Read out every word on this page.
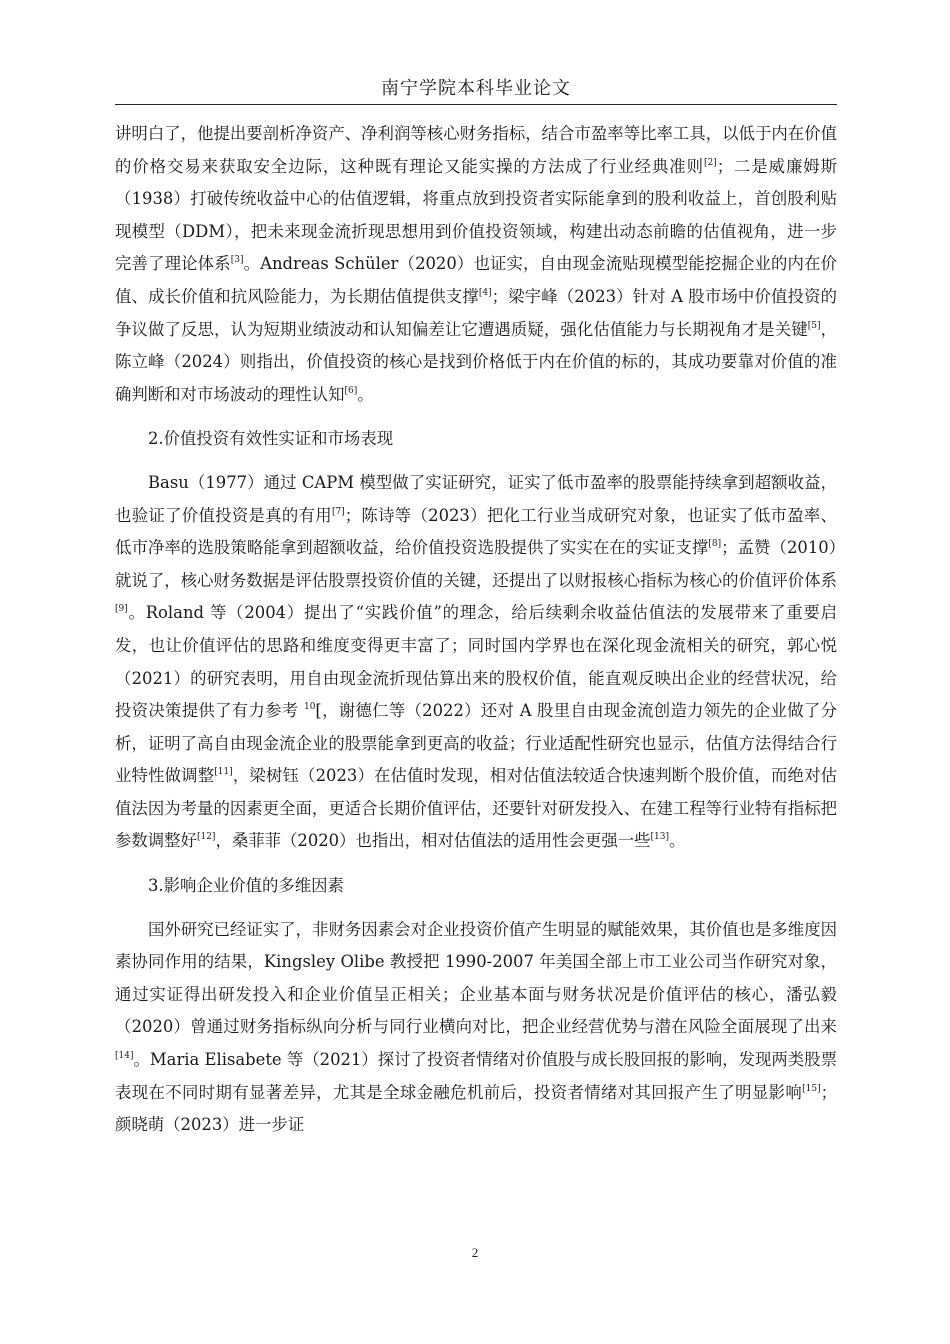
南宁学院本科毕业论文

讲明白了，他提出要剖析净资产、净利润等核心财务指标，结合市盈率等比率工具，以低于内在价值的价格交易来获取安全边际，这种既有理论又能实操的方法成了行业经典准则[2]；二是威廉姆斯（1938）打破传统收益中心的估值逻辑，将重点放到投资者实际能拿到的股利收益上，首创股利贴现模型（DDM），把未来现金流折现思想用到价值投资领域，构建出动态前瞻的估值视角，进一步完善了理论体系[3]。Andreas Schüler（2020）也证实，自由现金流贴现模型能挖掘企业的内在价值、成长价值和抗风险能力，为长期估值提供支撑[4]；梁宇峰（2023）针对 A 股市场中价值投资的争议做了反思，认为短期业绩波动和认知偏差让它遭遇质疑，强化估值能力与长期视角才是关键[5]，陈立峰（2024）则指出，价值投资的核心是找到价格低于内在价值的标的，其成功要靠对价值的准确判断和对市场波动的理性认知[6]。

2.价值投资有效性实证和市场表现

Basu（1977）通过 CAPM 模型做了实证研究，证实了低市盈率的股票能持续拿到超额收益，也验证了价值投资是真的有用[7]；陈诗等（2023）把化工行业当成研究对象，也证实了低市盈率、低市净率的选股策略能拿到超额收益，给价值投资选股提供了实实在在的实证支撑[8]；孟赞（2010）就说了，核心财务数据是评估股票投资价值的关键，还提出了以财报核心指标为核心的价值评价体系[9]。Roland 等（2004）提出了“实践价值”的理念，给后续剩余收益估值法的发展带来了重要启发，也让价值评估的思路和维度变得更丰富了；同时国内学界也在深化现金流相关的研究，郭心悦（2021）的研究表明，用自由现金流折现估算出来的股权价值，能直观反映出企业的经营状况，给投资决策提供了有力参考 $^{10}$[，谢德仁等（2022）还对 A 股里自由现金流创造力领先的企业做了分析，证明了高自由现金流企业的股票能拿到更高的收益；行业适配性研究也显示，估值方法得结合行业特性做调整[11]，梁树钰（2023）在估值时发现，相对估值法较适合快速判断个股价值，而绝对估值法因为考量的因素更全面，更适合长期价值评估，还要针对研发投入、在建工程等行业特有指标把参数调整好[12]，桑菲菲（2020）也指出，相对估值法的适用性会更强一些[13]。

3.影响企业价值的多维因素

国外研究已经证实了，非财务因素会对企业投资价值产生明显的赋能效果，其价值也是多维度因素协同作用的结果，Kingsley Olibe 教授把 1990-2007 年美国全部上市工业公司当作研究对象，通过实证得出研发投入和企业价值呈正相关；企业基本面与财务状况是价值评估的核心，潘弘毅（2020）曾通过财务指标纵向分析与同行业横向对比，把企业经营优势与潜在风险全面展现了出来[14]。Maria Elisabete 等（2021）探讨了投资者情绪对价值股与成长股回报的影响，发现两类股票表现在不同时期有显著差异，尤其是全球金融危机前后，投资者情绪对其回报产生了明显影响[15]；颜晓萌（2023）进一步证

2
